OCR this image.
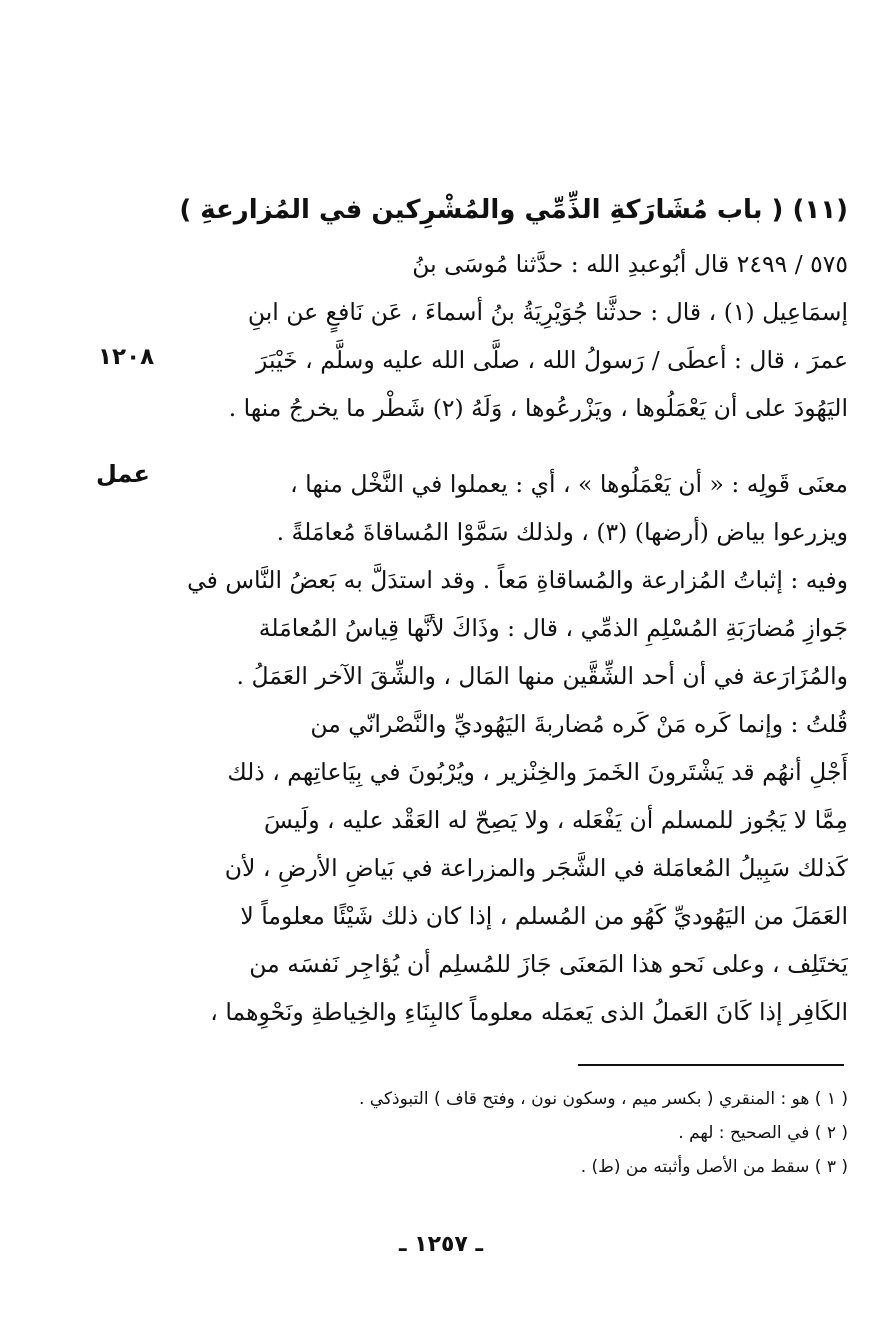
(١١) ( باب مُشَارَكةِ الذِّمِّي والمُشْرِكين في المُزارعةِ )
١٢٠٨
عمل
٥٧٥ / ٢٤٩٩ قال أبُوعبدِ الله : حدَّثنا مُوسَى بنُ
إسمَاعِيل (١) ، قال : حدثَّنا جُوَيْرِيَةُ بنُ أسماءَ ، عَن نَافعٍ عن ابنِ
عمرَ ، قال : أعطَى / رَسولُ الله ، صلَّى الله عليه وسلَّم ، خَيْبَرَ
اليَهُودَ على أن يَعْمَلُوها ، ويَزْرعُوها ، وَلَهُ (٢) شَطْر ما يخرجُ منها .
معنَى قَولِه : « أن يَعْمَلُوها » ، أي : يعملوا في النَّخْل منها ،
ويزرعوا بياض (أرضها) (٣) ، ولذلك سَمَّوْا المُساقاةَ مُعامَلةً .
وفيه : إثباتُ المُزارعة والمُساقاةِ مَعاً . وقد استدَلَّ به بَعضُ النَّاس في
جَوازِ مُضارَبَةِ المُسْلِمِ الذمِّي ، قال : وذَاكَ لأنَّها قِياسُ المُعامَلة
والمُزَارَعة في أن أحد الشِّقَّين منها المَال ، والشِّقَ الآخر العَمَلُ .
قُلتُ : وإنما كَره مَنْ كَره مُضاربةَ اليَهُوديِّ والنَّصْرانّي من
أَجْلِ أنهُم قد يَشْتَرونَ الخَمرَ والخِنْزير ، ويُرْبُونَ في بِيَاعاتِهم ، ذلك
مِمَّا لا يَجُوز للمسلم أن يَفْعَله ، ولا يَصِحّ له العَقْد عليه ، ولَيسَ
كَذلك سَبِيلُ المُعامَلة في الشَّجَر والمزراعة في بَياضِ الأرضِ ، لأن
العَمَلَ من اليَهُوديِّ كَهُو من المُسلم ، إذا كان ذلك شَيْئًا معلوماً لا
يَختَلِف ، وعلى نَحو هذا المَعنَى جَازَ للمُسلِم أن يُؤاجِر نَفسَه من
الكَافِر إذا كَانَ العَملُ الذى يَعمَله معلوماً كالبِنَاءِ والخِياطةِ ونَحْوِهما ،
( ١ ) هو : المنقري ( بكسر ميم ، وسكون نون ، وفتح قاف ) التبوذكي .
( ٢ ) في الصحيح : لهم .
( ٣ ) سقط من الأصل وأثبته من (ط) .
ـ ١٢٥٧ ـ
